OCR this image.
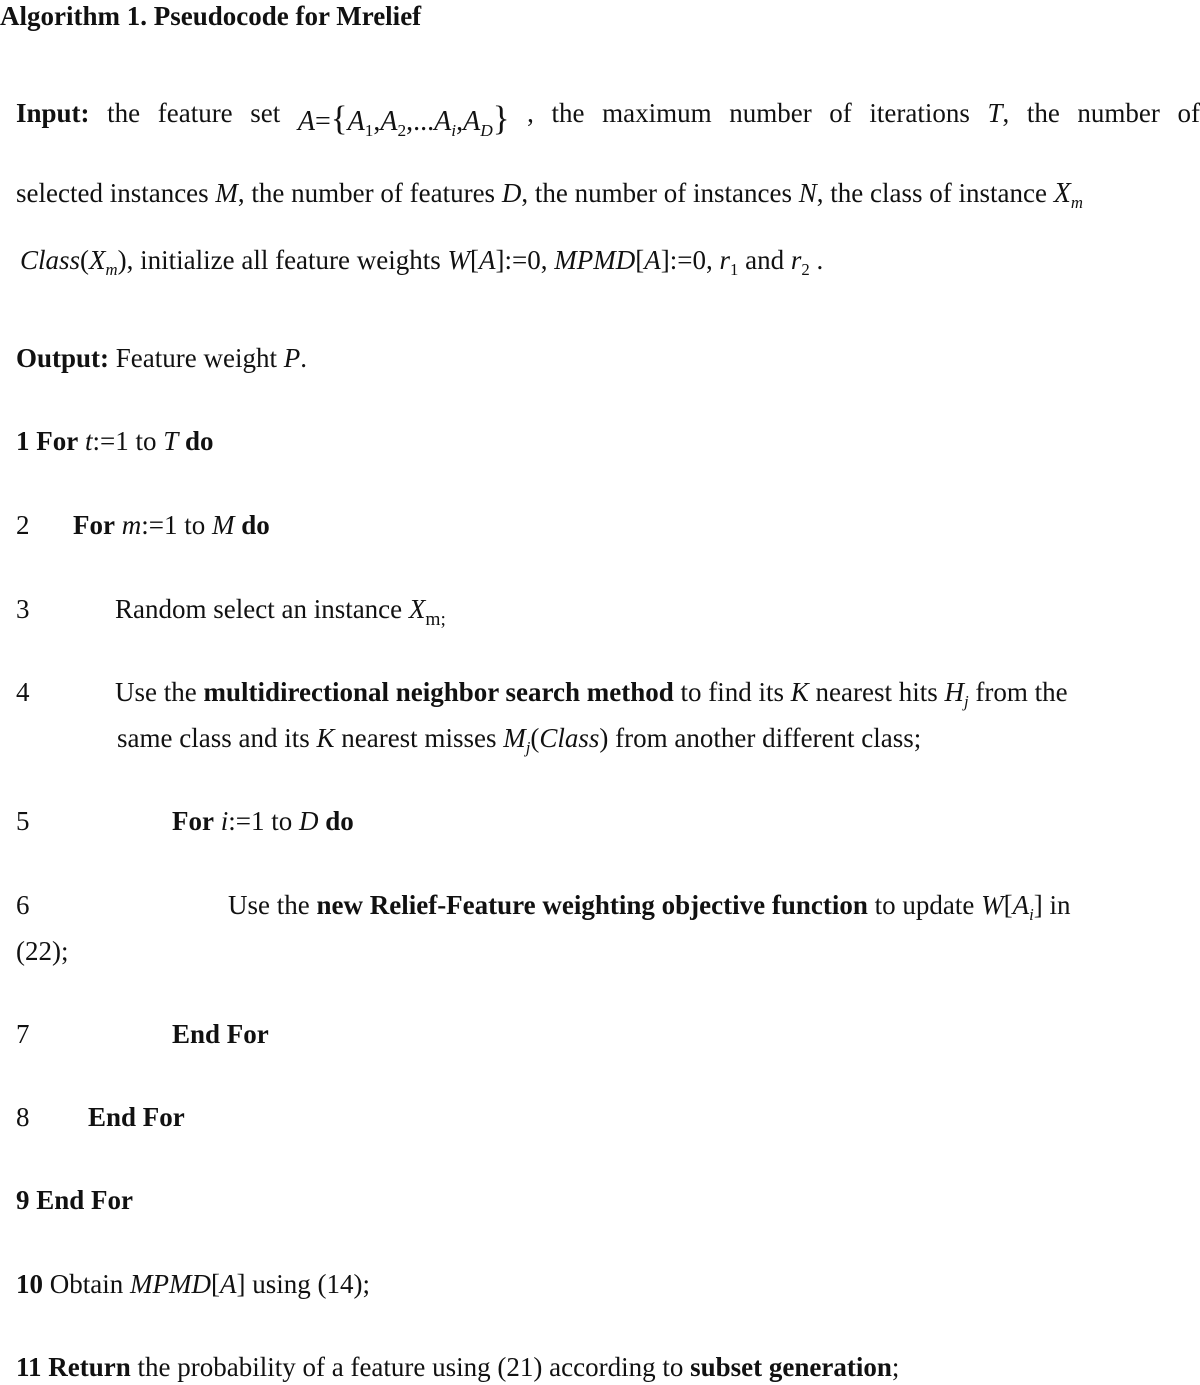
Algorithm 1. Pseudocode for Mrelief
Input: the feature set $A=\{A_1,A_2,...A_i,A_D\}$ , the maximum number of iterations T, the number of
selected instances M, the number of features D, the number of instances N, the class of instance $X_m$
$Class(X_m)$, initialize all feature weights W[A]:=0, MPMD[A]:=0, $r_1$ and $r_2$ .
Output: Feature weight P.
1 For t:=1 to T do
2 For m:=1 to M do
3	Random select an instance $X_{m;}$
4	Use the multidirectional neighbor search method to find its K nearest hits $H_j$ from the
same class and its K nearest misses $M_j(Class)$ from another different class;
5	For i:=1 to D do
6	Use the new Relief-Feature weighting objective function to update $W[A_i]$ in
(22);
7	End For
8 End For
9 End For
10 Obtain MPMD[A] using (14);
11 Return the probability of a feature using (21) according to subset generation;
